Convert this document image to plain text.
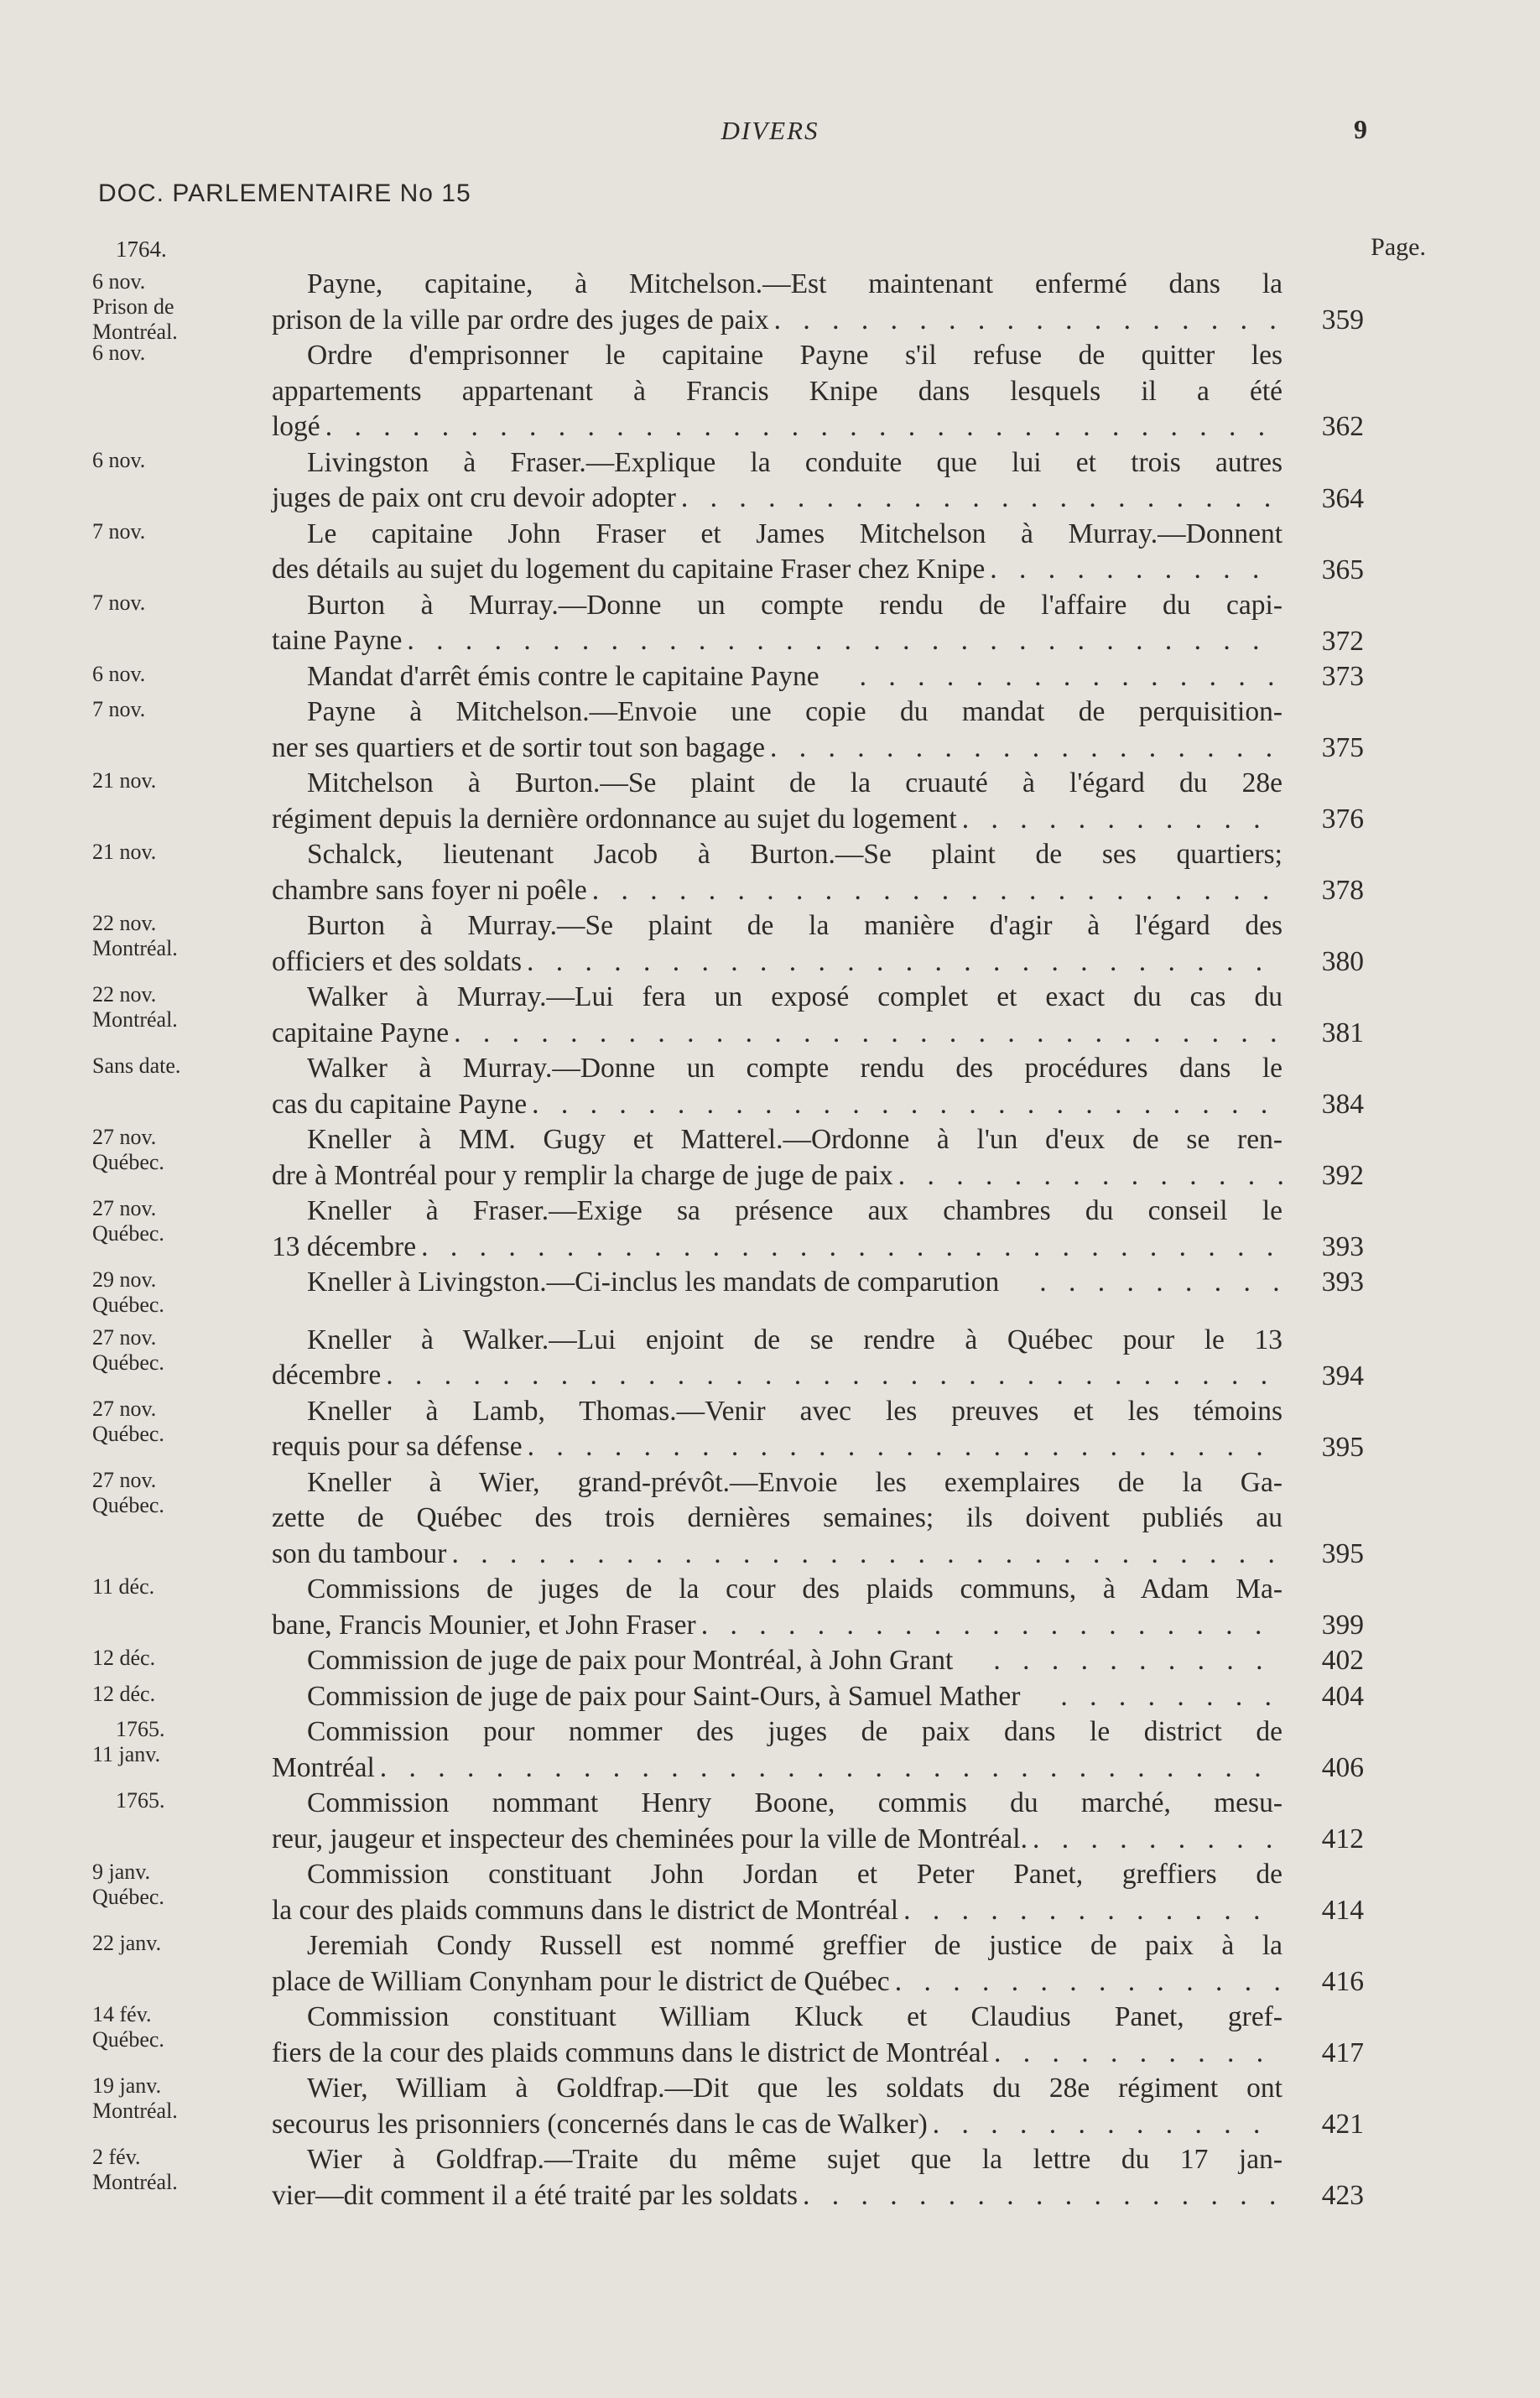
DIVERS	9
DOC. PARLEMENTAIRE No 15
1764.	Page.
6 nov.
Prison de
Montréal.
Payne, capitaine, à Mitchelson.—Est maintenant enfermé dans la
prison de la ville par ordre des juges de paix . . .	359
6 nov.	Ordre d'emprisonner le capitaine Payne s'il refuse de quitter les
appartements appartenant à Francis Knipe dans lesquels il a été
logé . . .	362
6 nov.	Livingston à Fraser.—Explique la conduite que lui et trois autres
juges de paix ont cru devoir adopter . . .	364
7 nov.	Le capitaine John Fraser et James Mitchelson à Murray.—Donnent
des détails au sujet du logement du capitaine Fraser chez Knipe . . .	365
7 nov.	Burton à Murray.—Donne un compte rendu de l'affaire du capi-
taine Payne . . .	372
6 nov.	Mandat d'arrêt émis contre le capitaine Payne . . .	373
7 nov.	Payne à Mitchelson.—Envoie une copie du mandat de perquisition-
ner ses quartiers et de sortir tout son bagage . . .	375
21 nov.	Mitchelson à Burton.—Se plaint de la cruauté à l'égard du 28e
régiment depuis la dernière ordonnance au sujet du logement . . .	376
21 nov.	Schalck, lieutenant Jacob à Burton.—Se plaint de ses quartiers;
chambre sans foyer ni poêle . . .	378
22 nov.
Montréal.
Burton à Murray.—Se plaint de la manière d'agir à l'égard des
officiers et des soldats . . .	380
22 nov.
Montréal.
Walker à Murray.—Lui fera un exposé complet et exact du cas du
capitaine Payne . . .	381
Sans date.	Walker à Murray.—Donne un compte rendu des procédures dans le
cas du capitaine Payne . . .	384
27 nov.
Québec.
Kneller à MM. Gugy et Matterel.—Ordonne à l'un d'eux de se ren-
dre à Montréal pour y remplir la charge de juge de paix . . .	392
27 nov.
Québec.
Kneller à Fraser.—Exige sa présence aux chambres du conseil le
13 décembre . . .	393
29 nov.
Québec.
Kneller à Livingston.—Ci-inclus les mandats de comparution . . .	393
27 nov.
Québec.
Kneller à Walker.—Lui enjoint de se rendre à Québec pour le 13
décembre . . .	394
27 nov.
Québec.
Kneller à Lamb, Thomas.—Venir avec les preuves et les témoins
requis pour sa défense . . .	395
27 nov.
Québec.
Kneller à Wier, grand-prévôt.—Envoie les exemplaires de la Ga-
zette de Québec des trois dernières semaines; ils doivent publiés au
son du tambour . . .	395
11 déc.	Commissions de juges de la cour des plaids communs, à Adam Ma-
bane, Francis Mounier, et John Fraser . . .	399
12 déc.	Commission de juge de paix pour Montréal, à John Grant . . .	402
12 déc.	Commission de juge de paix pour Saint-Ours, à Samuel Mather . . .	404
1765.
11 janv.
Commission pour nommer des juges de paix dans le district de
Montréal . . .	406
1765.	Commission nommant Henry Boone, commis du marché, mesu-
reur, jaugeur et inspecteur des cheminées pour la ville de Montréal. . . .	412
9 janv.
Québec.
Commission constituant John Jordan et Peter Panet, greffiers de
la cour des plaids communs dans le district de Montréal . . .	414
22 janv.	Jeremiah Condy Russell est nommé greffier de justice de paix à la
place de William Conynham pour le district de Québec . . .	416
14 fév.
Québec.
Commission constituant William Kluck et Claudius Panet, gref-
fiers de la cour des plaids communs dans le district de Montréal . . .	417
19 janv.
Montréal.
Wier, William à Goldfrap.—Dit que les soldats du 28e régiment ont
secourus les prisonniers (concernés dans le cas de Walker) . . .	421
2 fév.
Montréal.
Wier à Goldfrap.—Traite du même sujet que la lettre du 17 jan-
vier—dit comment il a été traité par les soldats . . .	423
